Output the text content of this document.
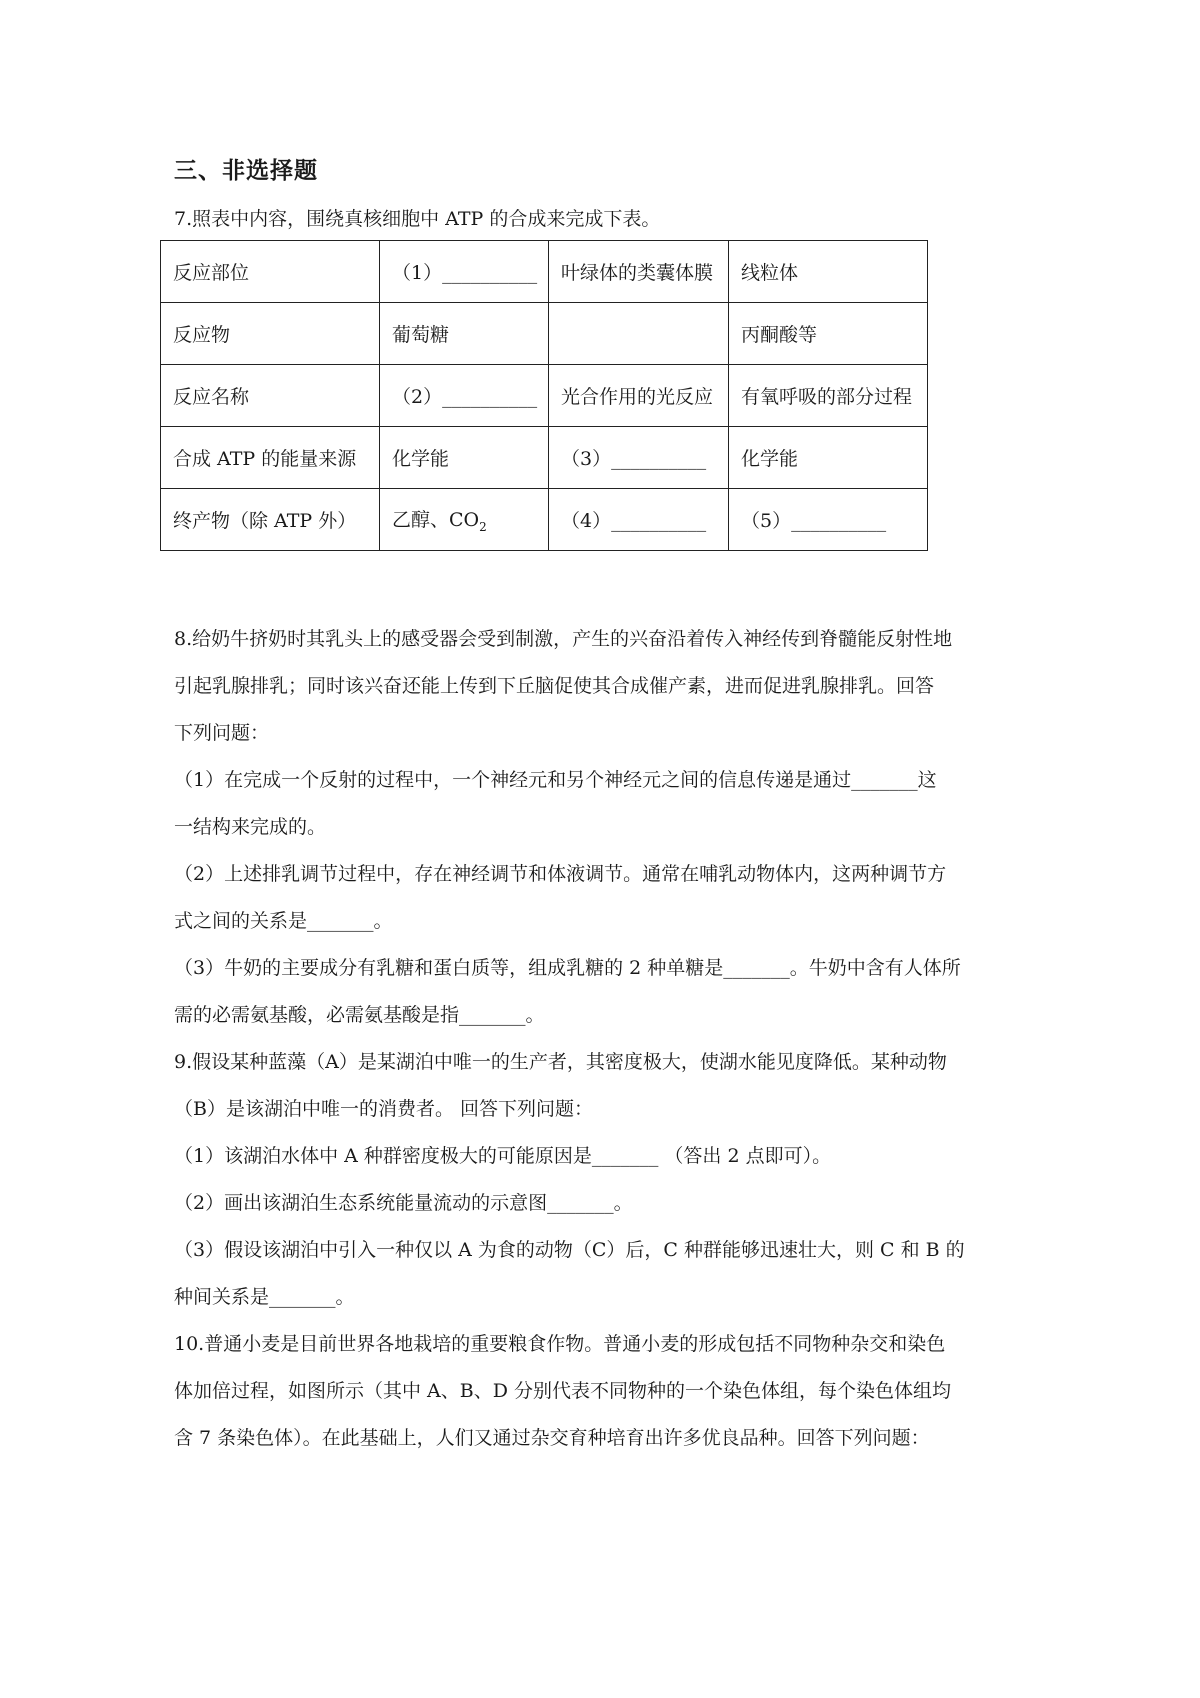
三、非选择题
7.照表中内容，围绕真核细胞中 ATP 的合成来完成下表。
反应部位	（1）__________	叶绿体的类囊体膜	线粒体
反应物	葡萄糖		丙酮酸等
反应名称	（2）__________	光合作用的光反应	有氧呼吸的部分过程
合成 ATP 的能量来源	化学能	（3）__________	化学能
终产物（除 ATP 外）	乙醇、$CO_2$	（4）__________	（5）__________
8.给奶牛挤奶时其乳头上的感受器会受到制激，产生的兴奋沿着传入神经传到脊髓能反射性地
引起乳腺排乳；同时该兴奋还能上传到下丘脑促使其合成催产素，进而促进乳腺排乳。回答
下列问题：
（1）在完成一个反射的过程中，一个神经元和另个神经元之间的信息传递是通过_______这
一结构来完成的。
（2）上述排乳调节过程中，存在神经调节和体液调节。通常在哺乳动物体内，这两种调节方
式之间的关系是_______。
（3）牛奶的主要成分有乳糖和蛋白质等，组成乳糖的 2 种单糖是_______。牛奶中含有人体所
需的必需氨基酸，必需氨基酸是指_______。
9.假设某种蓝藻（A）是某湖泊中唯一的生产者，其密度极大，使湖水能见度降低。某种动物
（B）是该湖泊中唯一的消费者。 回答下列问题：
（1）该湖泊水体中 A 种群密度极大的可能原因是_______ （答出 2 点即可）。
（2）画出该湖泊生态系统能量流动的示意图_______。
（3）假设该湖泊中引入一种仅以 A 为食的动物（C）后，C 种群能够迅速壮大，则 C 和 B 的
种间关系是_______。
10.普通小麦是目前世界各地栽培的重要粮食作物。普通小麦的形成包括不同物种杂交和染色
体加倍过程，如图所示（其中 A、B、D 分别代表不同物种的一个染色体组，每个染色体组均
含 7 条染色体）。在此基础上，人们又通过杂交育种培育出许多优良品种。回答下列问题：
